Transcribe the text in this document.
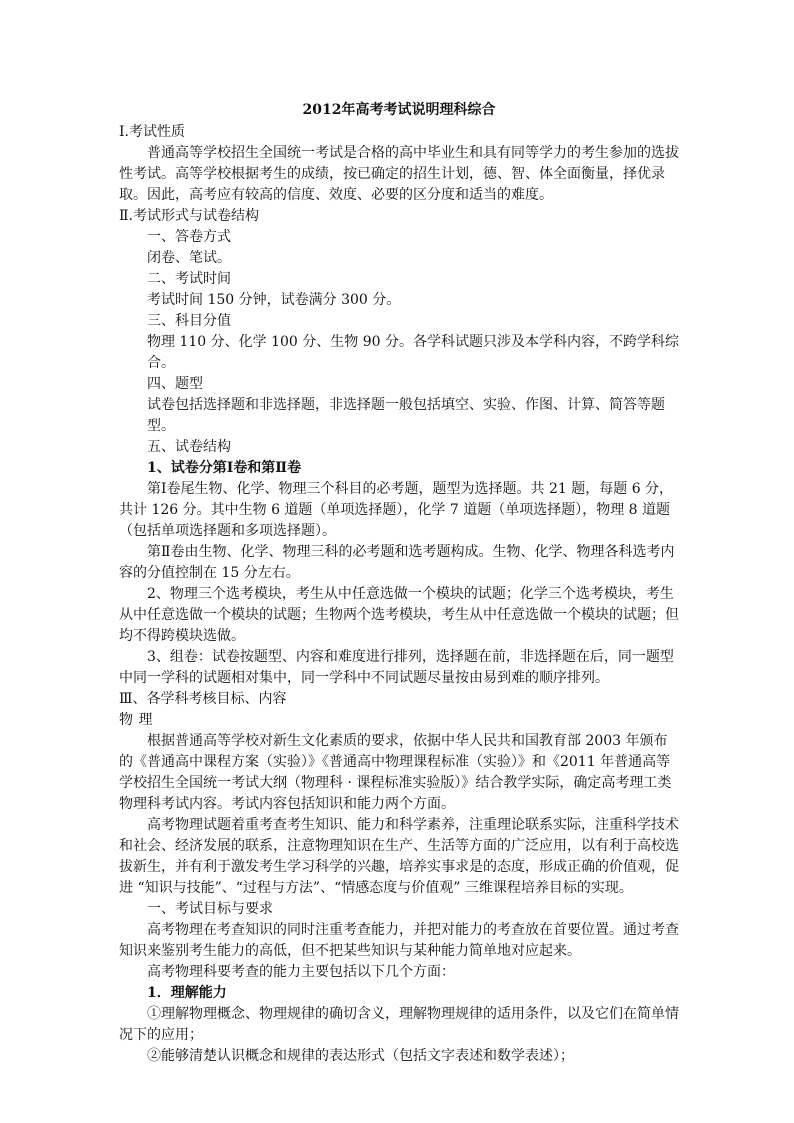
2012年高考考试说明理科综合

Ⅰ.考试性质

普通高等学校招生全国统一考试是合格的高中毕业生和具有同等学力的考生参加的选拔性考试。高等学校根据考生的成绩，按已确定的招生计划，德、智、体全面衡量，择优录取。因此，高考应有较高的信度、效度、必要的区分度和适当的难度。

Ⅱ.考试形式与试卷结构

一、答卷方式

闭卷、笔试。

二、考试时间

考试时间 150 分钟，试卷满分 300 分。

三、科目分值

物理 110 分、化学 100 分、生物 90 分。各学科试题只涉及本学科内容，不跨学科综合。

四、题型

试卷包括选择题和非选择题，非选择题一般包括填空、实验、作图、计算、简答等题型。

五、试卷结构

1、试卷分第Ⅰ卷和第Ⅱ卷

第Ⅰ卷尾生物、化学、物理三个科目的必考题，题型为选择题。共 21 题，每题 6 分，共计 126 分。其中生物 6 道题（单项选择题），化学 7 道题（单项选择题），物理 8 道题（包括单项选择题和多项选择题）。

第Ⅱ卷由生物、化学、物理三科的必考题和选考题构成。生物、化学、物理各科选考内容的分值控制在 15 分左右。

2、物理三个选考模块，考生从中任意选做一个模块的试题；化学三个选考模块，考生从中任意选做一个模块的试题；生物两个选考模块，考生从中任意选做一个模块的试题；但均不得跨模块选做。

3、组卷：试卷按题型、内容和难度进行排列，选择题在前，非选择题在后，同一题型中同一学科的试题相对集中，同一学科中不同试题尽量按由易到难的顺序排列。

Ⅲ、各学科考核目标、内容

物 理

根据普通高等学校对新生文化素质的要求，依据中华人民共和国教育部 2003 年颁布的《普通高中课程方案（实验）》《普通高中物理课程标准（实验）》和《2011 年普通高等学校招生全国统一考试大纲（物理科 · 课程标准实验版）》结合教学实际，确定高考理工类物理科考试内容。考试内容包括知识和能力两个方面。

高考物理试题着重考查考生知识、能力和科学素养，注重理论联系实际，注重科学技术和社会、经济发展的联系，注意物理知识在生产、生活等方面的广泛应用，以有利于高校选拔新生，并有利于激发考生学习科学的兴趣，培养实事求是的态度，形成正确的价值观，促进 “知识与技能”、“过程与方法”、“情感态度与价值观” 三维课程培养目标的实现。

一、考试目标与要求

高考物理在考查知识的同时注重考查能力，并把对能力的考查放在首要位置。通过考查知识来鉴别考生能力的高低，但不把某些知识与某种能力简单地对应起来。

高考物理科要考查的能力主要包括以下几个方面：

1．理解能力

①理解物理概念、物理规律的确切含义，理解物理规律的适用条件，以及它们在简单情况下的应用；

②能够清楚认识概念和规律的表达形式（包括文字表述和数学表述）；
